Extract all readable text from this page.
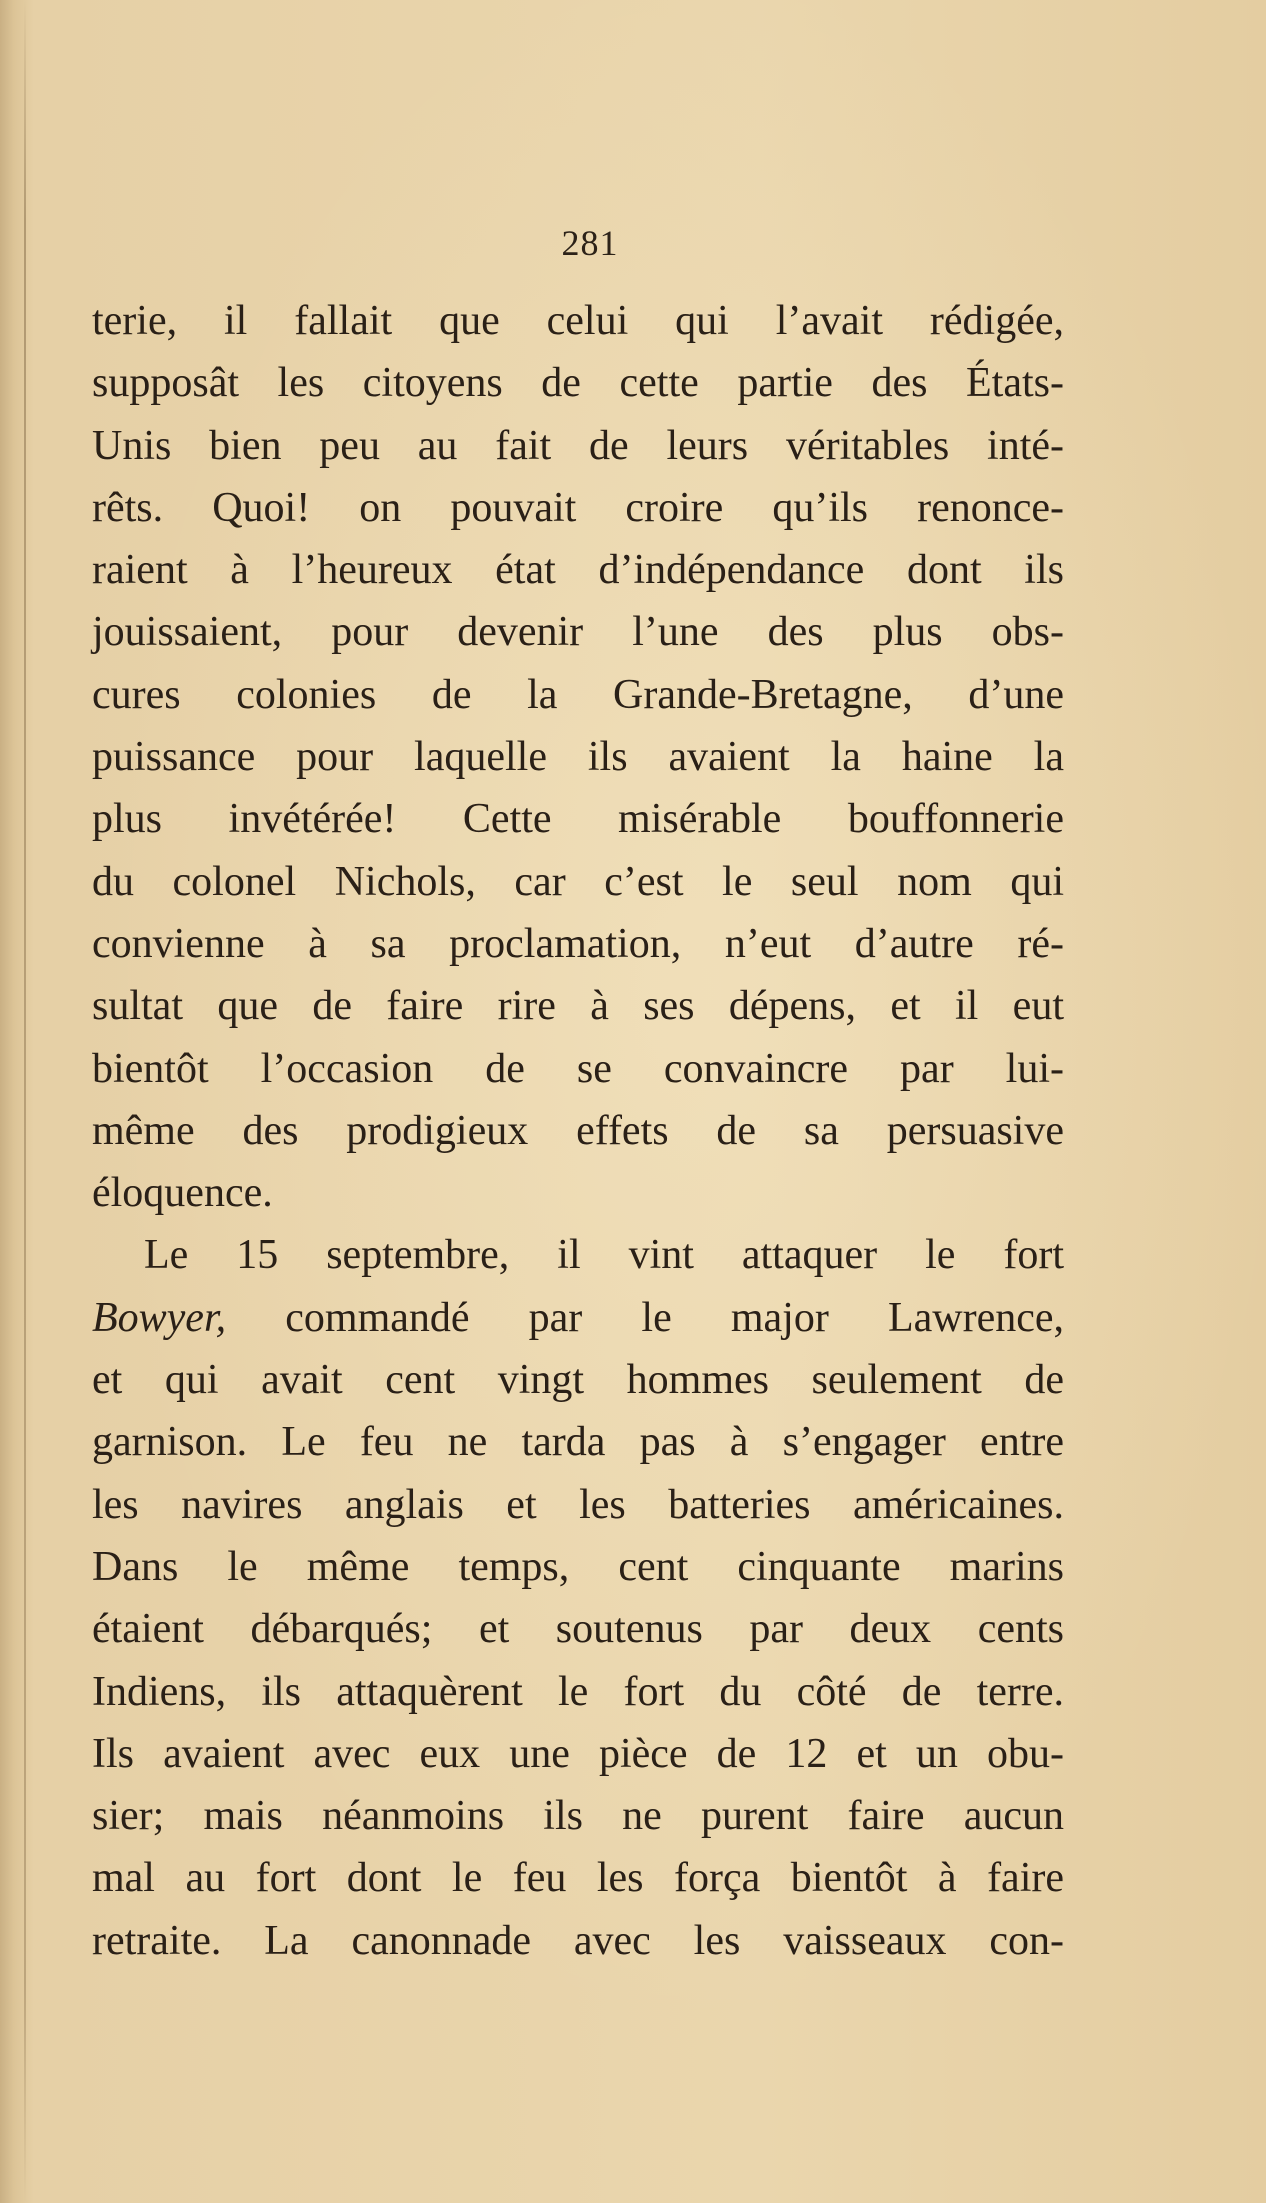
281
terie, il fallait que celui qui l’avait rédigée,
supposât les citoyens de cette partie des États-
Unis bien peu au fait de leurs véritables inté-
rêts. Quoi! on pouvait croire qu’ils renonce-
raient à l’heureux état d’indépendance dont ils
jouissaient, pour devenir l’une des plus obs-
cures colonies de la Grande-Bretagne, d’une
puissance pour laquelle ils avaient la haine la
plus invétérée! Cette misérable bouffonnerie
du colonel Nichols, car c’est le seul nom qui
convienne à sa proclamation, n’eut d’autre ré-
sultat que de faire rire à ses dépens, et il eut
bientôt l’occasion de se convaincre par lui-
même des prodigieux effets de sa persuasive
éloquence.
Le 15 septembre, il vint attaquer le fort
Bowyer, commandé par le major Lawrence,
et qui avait cent vingt hommes seulement de
garnison. Le feu ne tarda pas à s’engager entre
les navires anglais et les batteries américaines.
Dans le même temps, cent cinquante marins
étaient débarqués; et soutenus par deux cents
Indiens, ils attaquèrent le fort du côté de terre.
Ils avaient avec eux une pièce de 12 et un obu-
sier; mais néanmoins ils ne purent faire aucun
mal au fort dont le feu les força bientôt à faire
retraite. La canonnade avec les vaisseaux con-
